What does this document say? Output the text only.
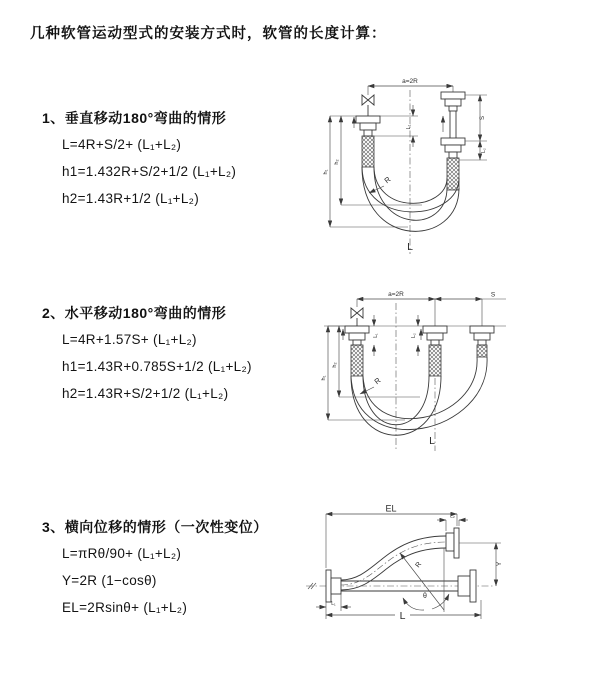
几种软管运动型式的安装方式时，软管的长度计算：
1、垂直移动180°弯曲的情形
L=4R+S/2+ (L₁+L₂)
h1=1.432R+S/2+1/2 (L₁+L₂)
h2=1.43R+1/2 (L₁+L₂)
2、水平移动180°弯曲的情形
L=4R+1.57S+ (L₁+L₂)
h1=1.43R+0.785S+1/2 (L₁+L₂)
h2=1.43R+S/2+1/2 (L₁+L₂)
3、横向位移的情形（一次性变位）
L=πRθ/90+ (L₁+L₂)
Y=2R (1−cosθ)
EL=2Rsinθ+ (L₁+L₂)
a=2R
L₁
h₁
h₂
S
L₂
R
L
a=2R	S
L₁	L₂
h₁
h₂
R
L
EL
L₂
Y
R
θ
L₁
L
